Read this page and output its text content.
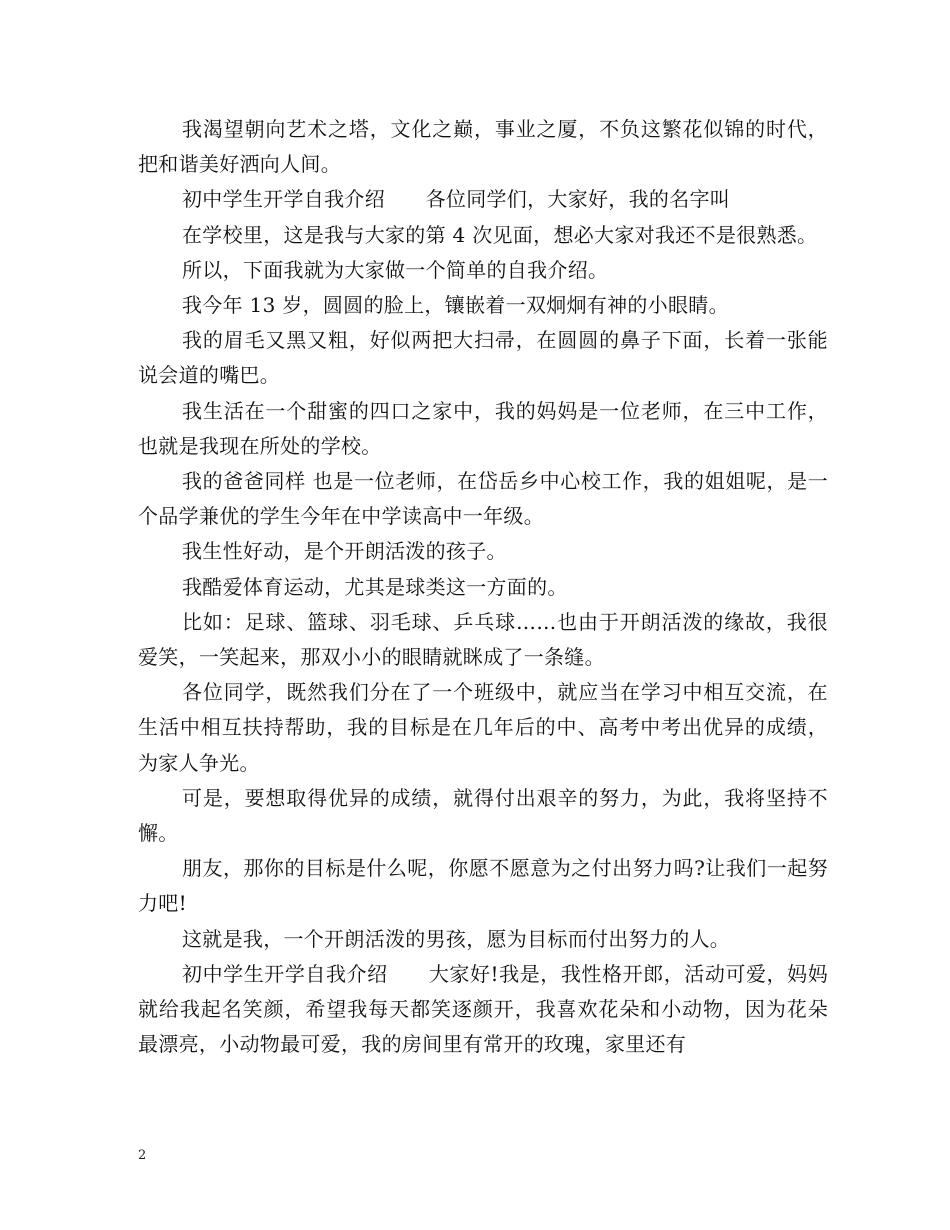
我渴望朝向艺术之塔，文化之巅，事业之厦，不负这繁花似锦的时代，把和谐美好洒向人间。

初中学生开学自我介绍　　各位同学们，大家好，我的名字叫

在学校里，这是我与大家的第 4 次见面，想必大家对我还不是很熟悉。

所以，下面我就为大家做一个简单的自我介绍。

我今年 13 岁，圆圆的脸上，镶嵌着一双炯炯有神的小眼睛。

我的眉毛又黑又粗，好似两把大扫帚，在圆圆的鼻子下面，长着一张能说会道的嘴巴。

我生活在一个甜蜜的四口之家中，我的妈妈是一位老师，在三中工作，也就是我现在所处的学校。

我的爸爸同样 也是一位老师，在岱岳乡中心校工作，我的姐姐呢，是一个品学兼优的学生今年在中学读高中一年级。

我生性好动，是个开朗活泼的孩子。

我酷爱体育运动，尤其是球类这一方面的。

比如：足球、篮球、羽毛球、乒乓球……也由于开朗活泼的缘故，我很爱笑，一笑起来，那双小小的眼睛就眯成了一条缝。

各位同学，既然我们分在了一个班级中，就应当在学习中相互交流，在生活中相互扶持帮助，我的目标是在几年后的中、高考中考出优异的成绩，为家人争光。

可是，要想取得优异的成绩，就得付出艰辛的努力，为此，我将坚持不懈。

朋友，那你的目标是什么呢，你愿不愿意为之付出努力吗?让我们一起努力吧!

这就是我，一个开朗活泼的男孩，愿为目标而付出努力的人。

初中学生开学自我介绍　　大家好!我是，我性格开郎，活动可爱，妈妈就给我起名笑颜，希望我每天都笑逐颜开，我喜欢花朵和小动物，因为花朵最漂亮，小动物最可爱，我的房间里有常开的玫瑰，家里还有

2
